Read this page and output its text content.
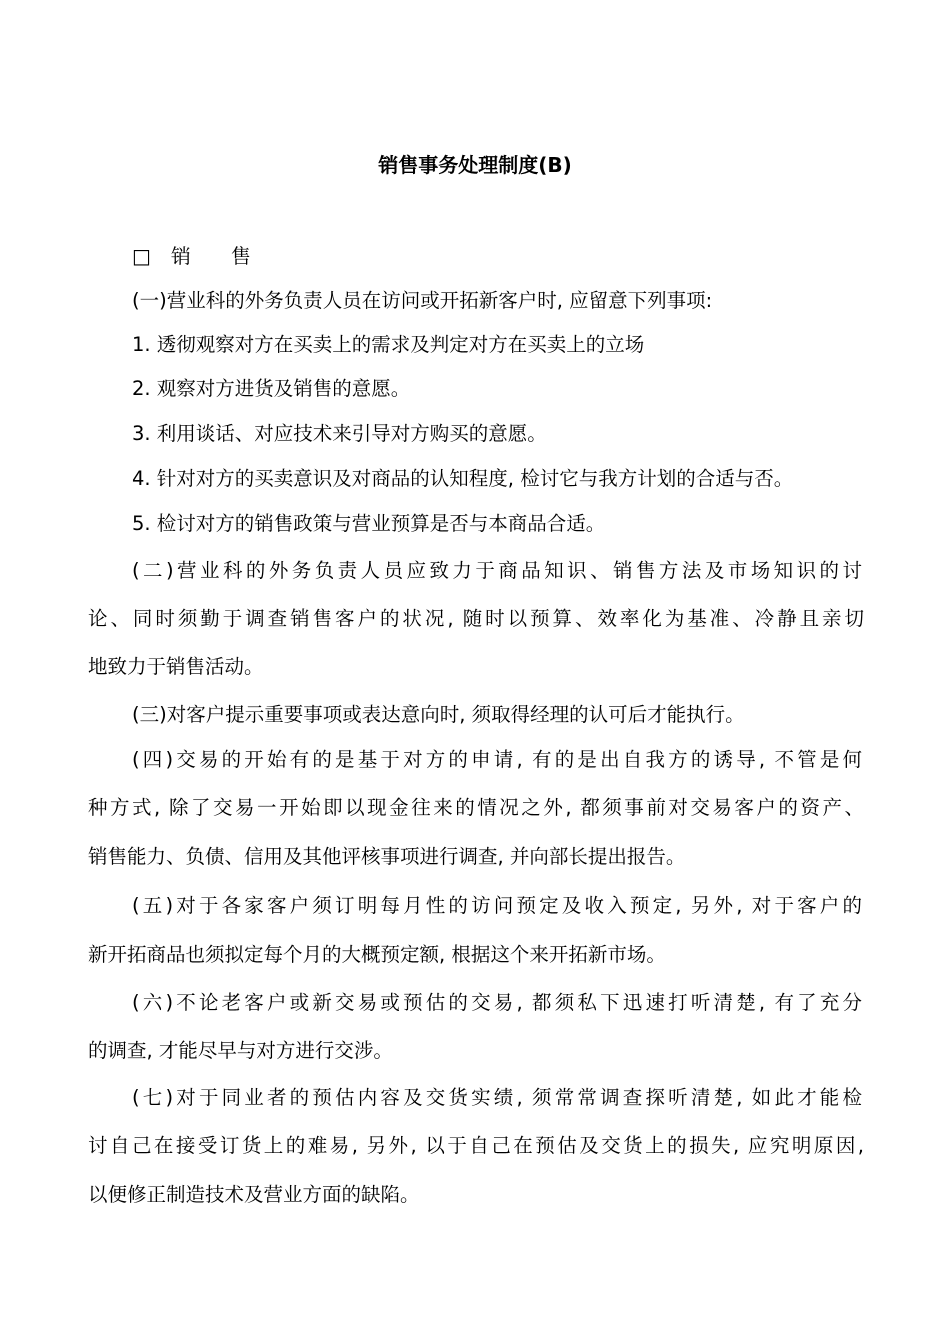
销售事务处理制度(B)
□　销　　售
(一)营业科的外务负责人员在访问或开拓新客户时, 应留意下列事项:
1. 透彻观察对方在买卖上的需求及判定对方在买卖上的立场
2. 观察对方进货及销售的意愿。
3. 利用谈话、对应技术来引导对方购买的意愿。
4. 针对对方的买卖意识及对商品的认知程度, 检讨它与我方计划的合适与否。
5. 检讨对方的销售政策与营业预算是否与本商品合适。
(二)营业科的外务负责人员应致力于商品知识、销售方法及市场知识的讨
论、同时须勤于调查销售客户的状况, 随时以预算、效率化为基准、冷静且亲切
地致力于销售活动。
(三)对客户提示重要事项或表达意向时, 须取得经理的认可后才能执行。
(四)交易的开始有的是基于对方的申请, 有的是出自我方的诱导, 不管是何
种方式, 除了交易一开始即以现金往来的情况之外, 都须事前对交易客户的资产、
销售能力、负债、信用及其他评核事项进行调查, 并向部长提出报告。
(五)对于各家客户须订明每月性的访问预定及收入预定, 另外, 对于客户的
新开拓商品也须拟定每个月的大概预定额, 根据这个来开拓新市场。
(六)不论老客户或新交易或预估的交易, 都须私下迅速打听清楚, 有了充分
的调查, 才能尽早与对方进行交涉。
(七)对于同业者的预估内容及交货实绩, 须常常调查探听清楚, 如此才能检
讨自己在接受订货上的难易, 另外, 以于自己在预估及交货上的损失, 应究明原因,
以便修正制造技术及营业方面的缺陷。
